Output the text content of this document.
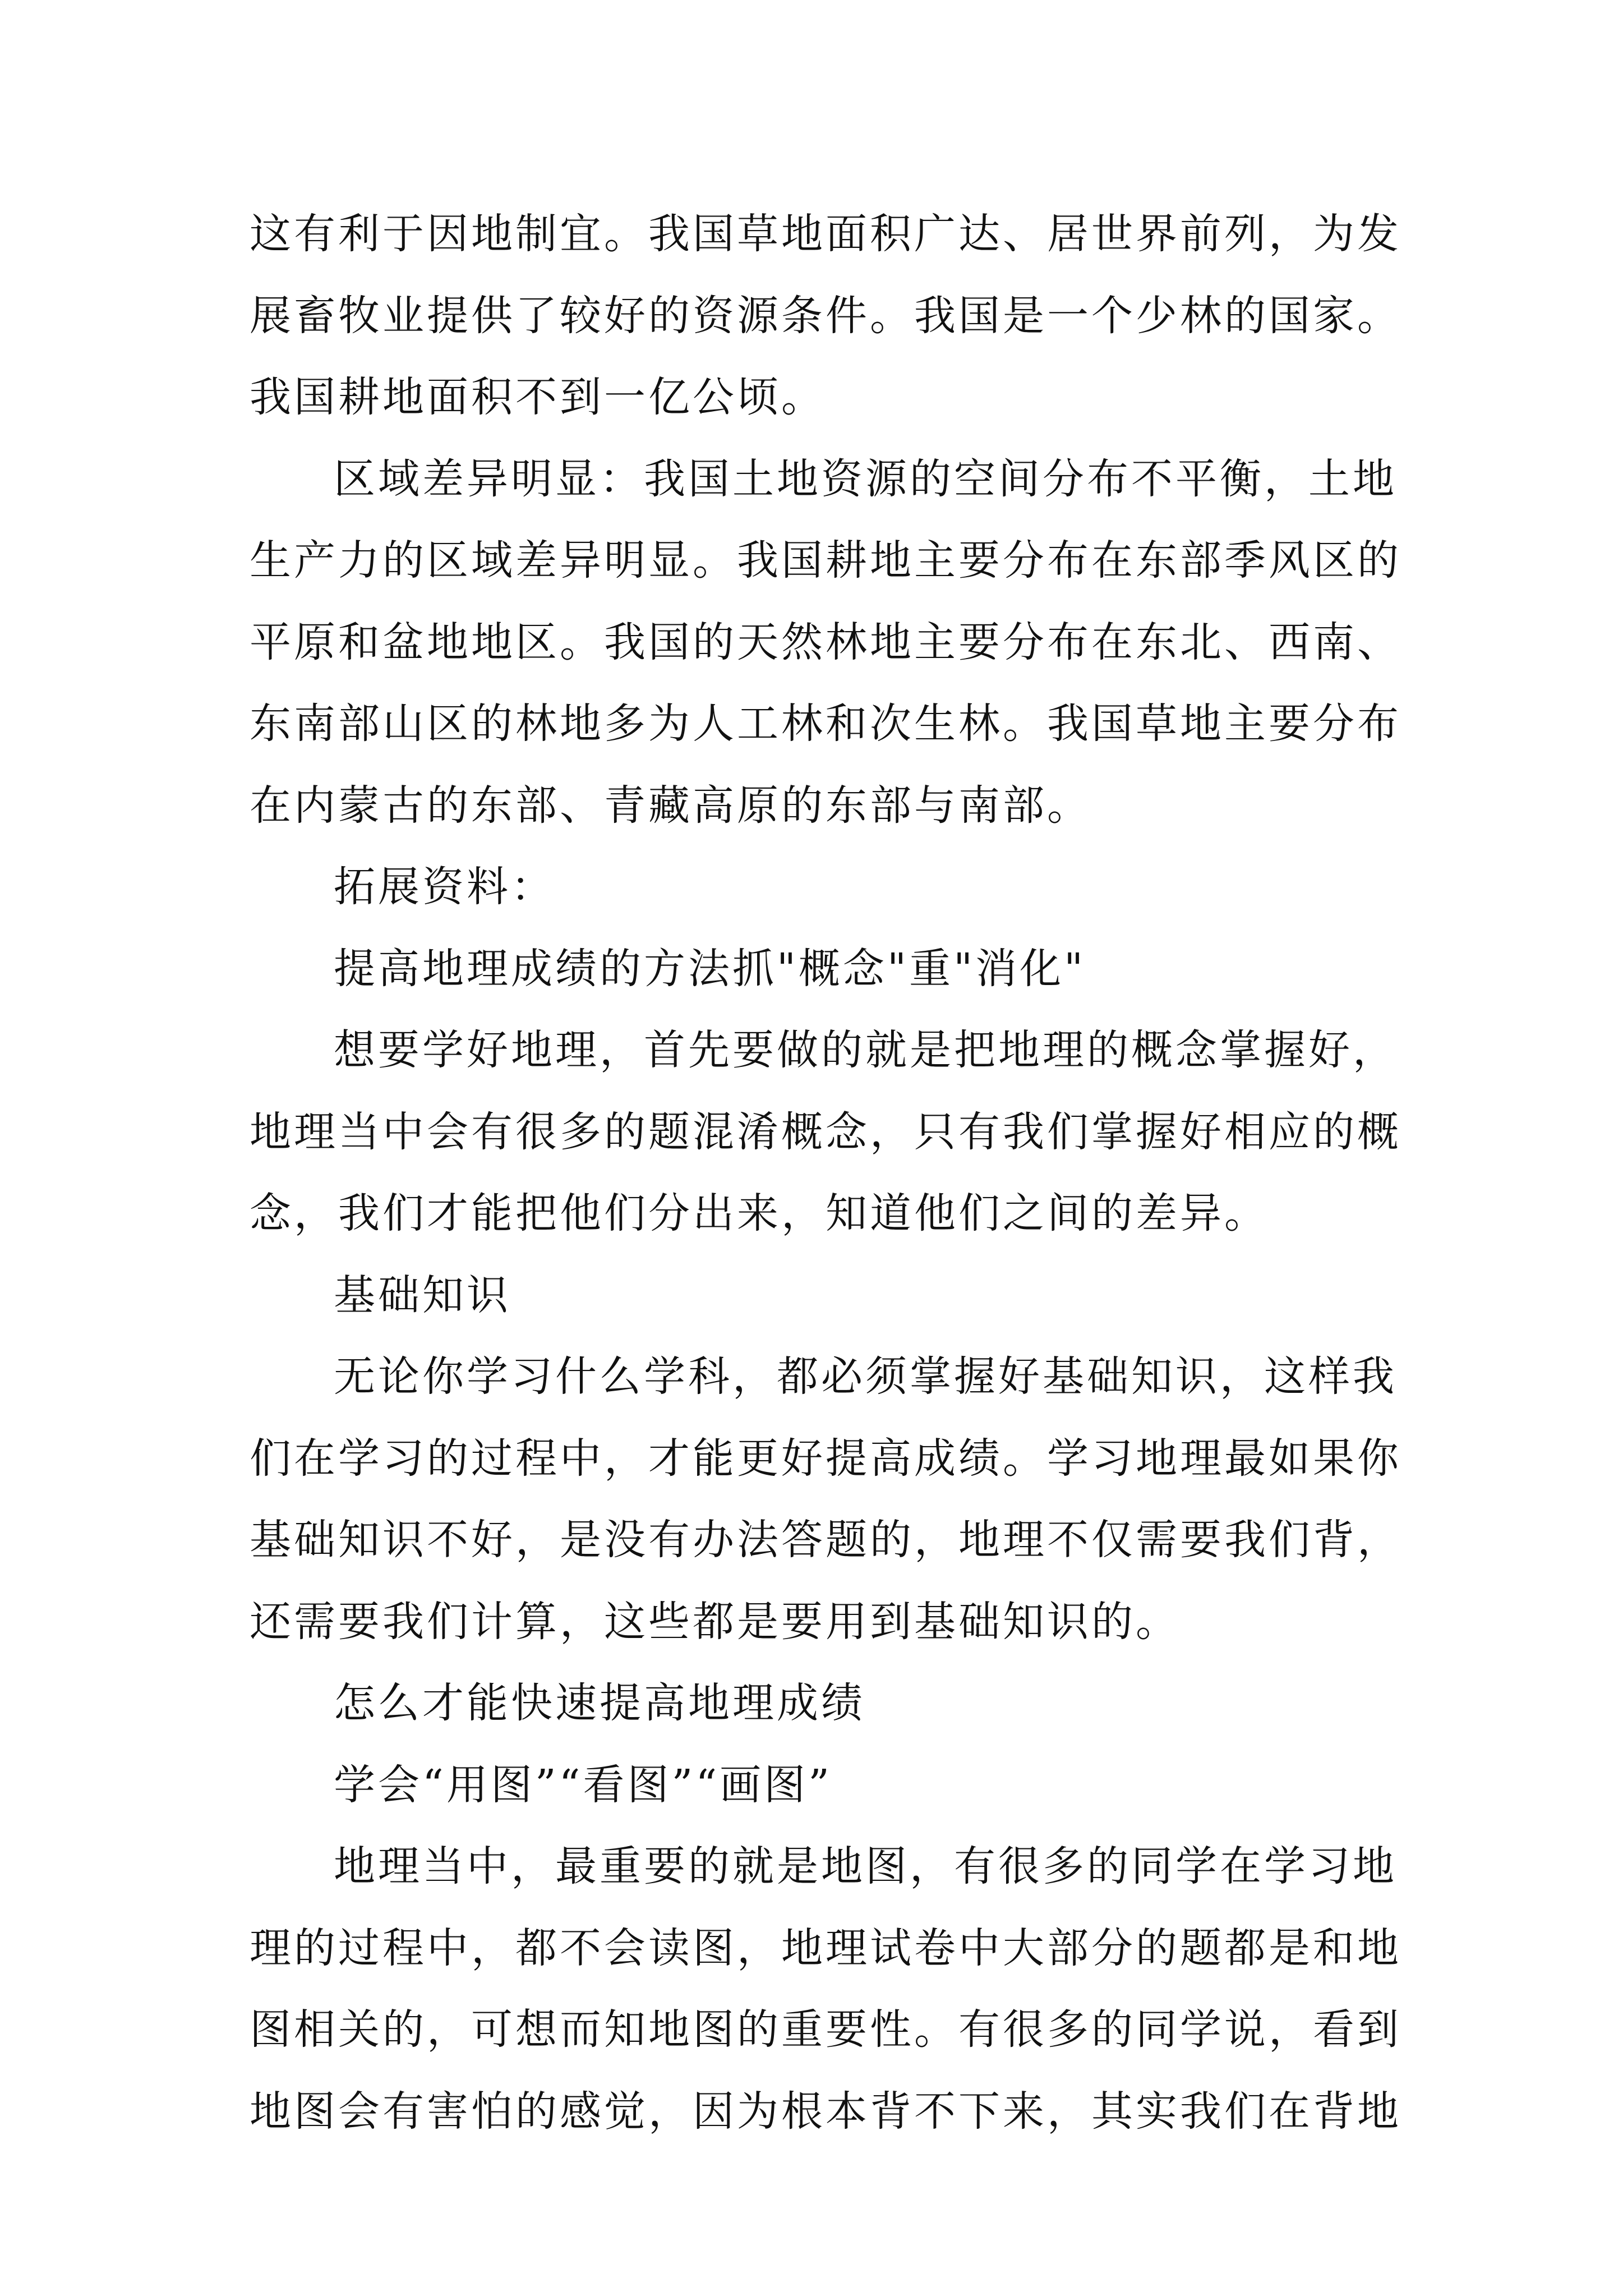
这有利于因地制宜。我国草地面积广达、居世界前列，为发
展畜牧业提供了较好的资源条件。我国是一个少林的国家。
我国耕地面积不到一亿公顷。

区域差异明显：我国土地资源的空间分布不平衡，土地
生产力的区域差异明显。我国耕地主要分布在东部季风区的
平原和盆地地区。我国的天然林地主要分布在东北、西南、
东南部山区的林地多为人工林和次生林。我国草地主要分布
在内蒙古的东部、青藏高原的东部与南部。

拓展资料：

提高地理成绩的方法抓"概念"重"消化"

想要学好地理，首先要做的就是把地理的概念掌握好，
地理当中会有很多的题混淆概念，只有我们掌握好相应的概
念，我们才能把他们分出来，知道他们之间的差异。

基础知识

无论你学习什么学科，都必须掌握好基础知识，这样我
们在学习的过程中，才能更好提高成绩。学习地理最如果你
基础知识不好，是没有办法答题的，地理不仅需要我们背，
还需要我们计算，这些都是要用到基础知识的。

怎么才能快速提高地理成绩

学会“用图”“看图”“画图”

地理当中，最重要的就是地图，有很多的同学在学习地
理的过程中，都不会读图，地理试卷中大部分的题都是和地
图相关的，可想而知地图的重要性。有很多的同学说，看到
地图会有害怕的感觉，因为根本背不下来，其实我们在背地
